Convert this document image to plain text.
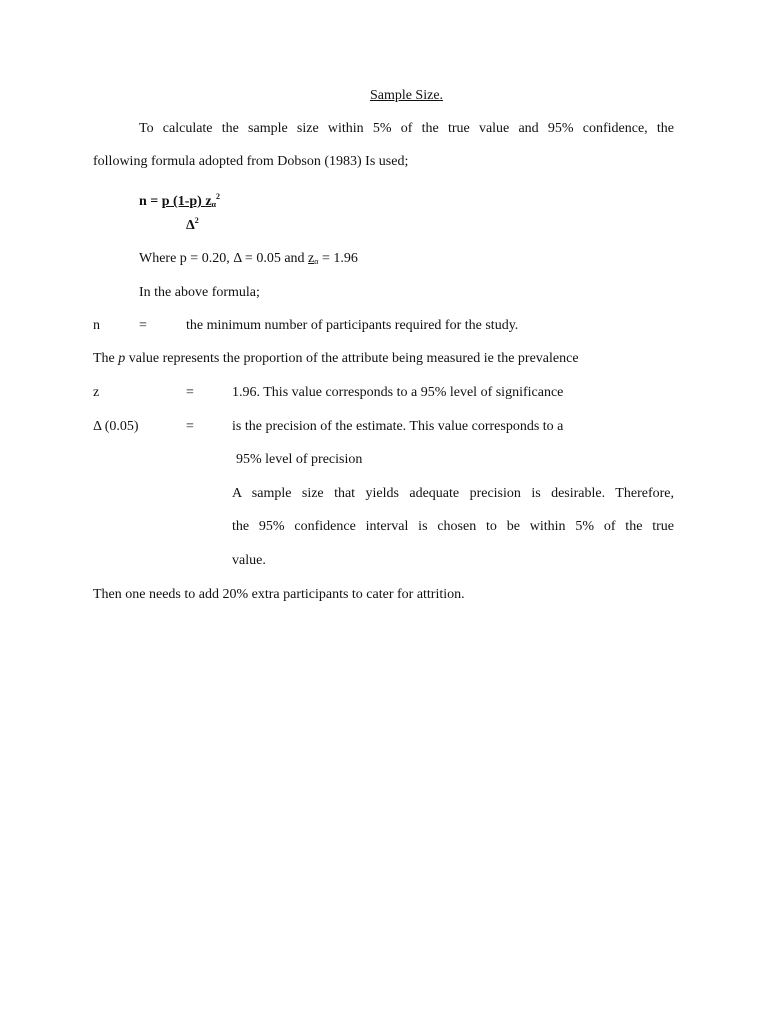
Sample Size.
To calculate the sample size within 5% of the true value and 95% confidence, the
following formula adopted from Dobson (1983) Is used;
n = p (1-p) $z_\alpha^2$
$\Delta^2$
Where p = 0.20, Δ = 0.05 and $z_\alpha = 1.96$
In the above formula;
n	=	the minimum number of participants required for the study.
The p value represents the proportion of the attribute being measured ie the prevalence
z	=	1.96. This value corresponds to a 95% level of significance
Δ (0.05)	=	is the precision of the estimate. This value corresponds to a
95% level of precision
A sample size that yields adequate precision is desirable. Therefore,
the 95% confidence interval is chosen to be within 5% of the true
value.
Then one needs to add 20% extra participants to cater for attrition.
